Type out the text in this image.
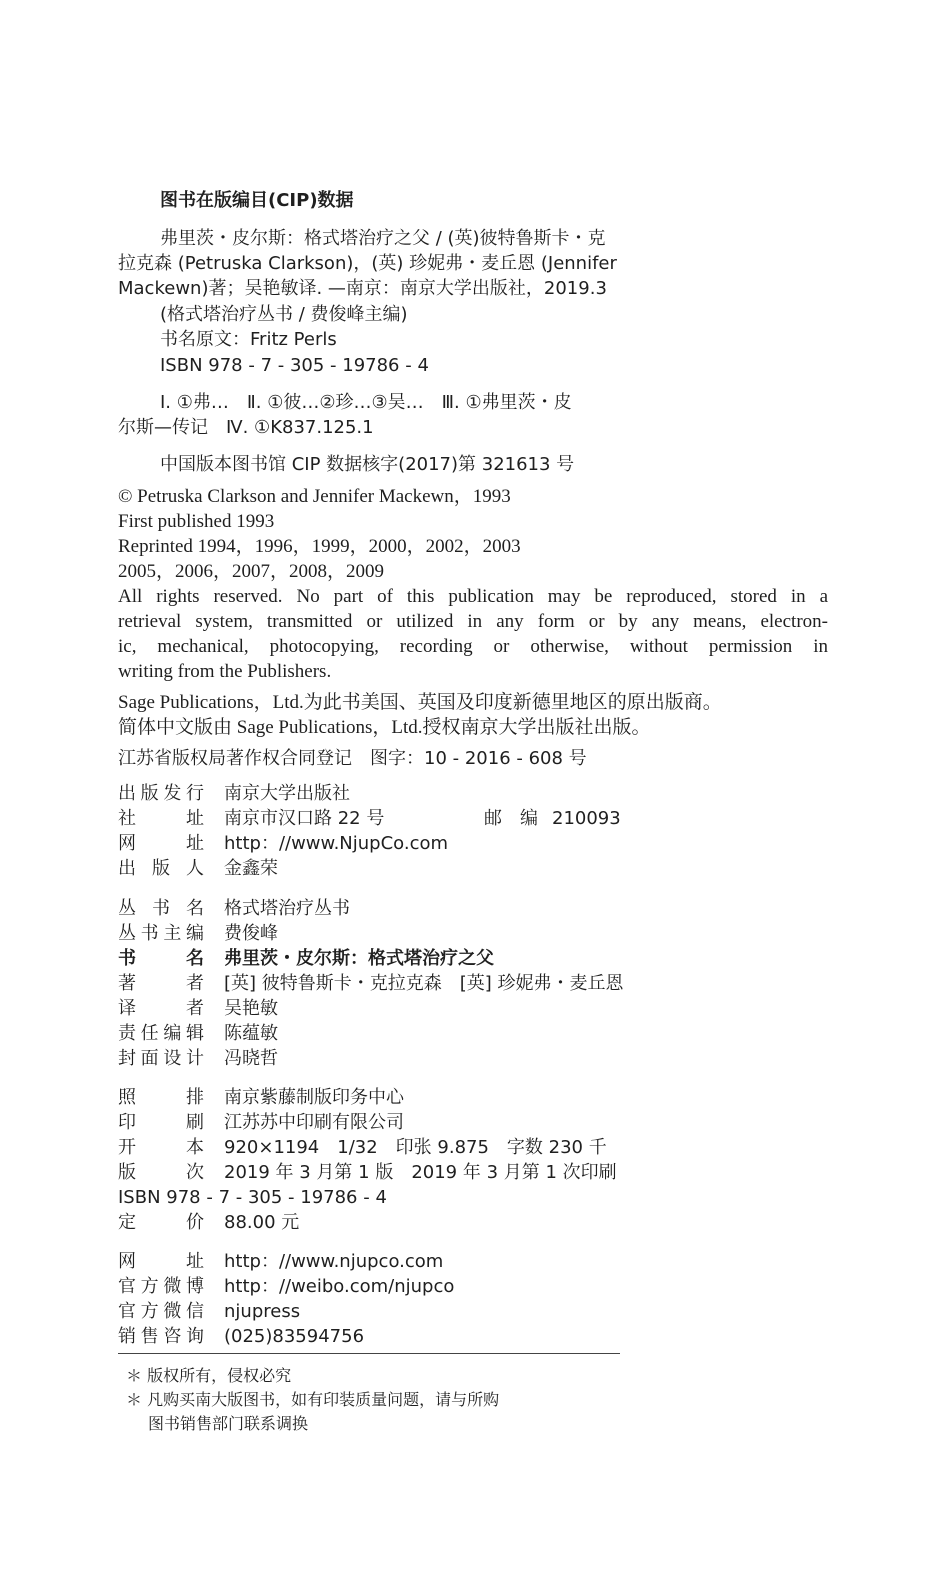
图书在版编目(CIP)数据
弗里茨・皮尔斯：格式塔治疗之父 / (英)彼特鲁斯卡・克
拉克森 (Petruska Clarkson)，(英) 珍妮弗・麦丘恩 (Jennifer
Mackewn)著；吴艳敏译. —南京：南京大学出版社，2019.3
(格式塔治疗丛书 / 费俊峰主编)
书名原文：Fritz Perls
ISBN 978 - 7 - 305 - 19786 - 4
Ⅰ. ①弗…　Ⅱ. ①彼…②珍…③吴…　Ⅲ. ①弗里茨・皮
尔斯—传记　Ⅳ. ①K837.125.1
中国版本图书馆 CIP 数据核字(2017)第 321613 号
© Petruska Clarkson and Jennifer Mackewn，1993
First published 1993
Reprinted 1994，1996，1999，2000，2002，2003
2005，2006，2007，2008，2009
All rights reserved. No part of this publication may be reproduced, stored in a
retrieval system, transmitted or utilized in any form or by any means, electron-
ic, mechanical, photocopying, recording or otherwise, without permission in
writing from the Publishers.
Sage Publications，Ltd.为此书美国、英国及印度新德里地区的原出版商。
简体中文版由 Sage Publications，Ltd.授权南京大学出版社出版。
江苏省版权局著作权合同登记　图字：10 - 2016 - 608 号
出版发行 南京大学出版社
社　　址 南京市汉口路 22 号	邮　编 210093
网　　址 http：//www.NjupCo.com
出 版 人 金鑫荣
丛 书 名 格式塔治疗丛书
丛书主编 费俊峰
书　　名 弗里茨・皮尔斯：格式塔治疗之父
著　　者 [英] 彼特鲁斯卡・克拉克森　[英] 珍妮弗・麦丘恩
译　　者 吴艳敏
责任编辑 陈蕴敏
封面设计 冯晓哲
照　　排 南京紫藤制版印务中心
印　　刷 江苏苏中印刷有限公司
开　　本 920×1194　1/32　印张 9.875　字数 230 千
版　　次 2019 年 3 月第 1 版　2019 年 3 月第 1 次印刷
ISBN 978 - 7 - 305 - 19786 - 4
定　　价 88.00 元
网　　址 http：//www.njupco.com
官方微博 http：//weibo.com/njupco
官方微信 njupress
销售咨询 (025)83594756
＊ 版权所有，侵权必究
＊ 凡购买南大版图书，如有印装质量问题，请与所购
图书销售部门联系调换
